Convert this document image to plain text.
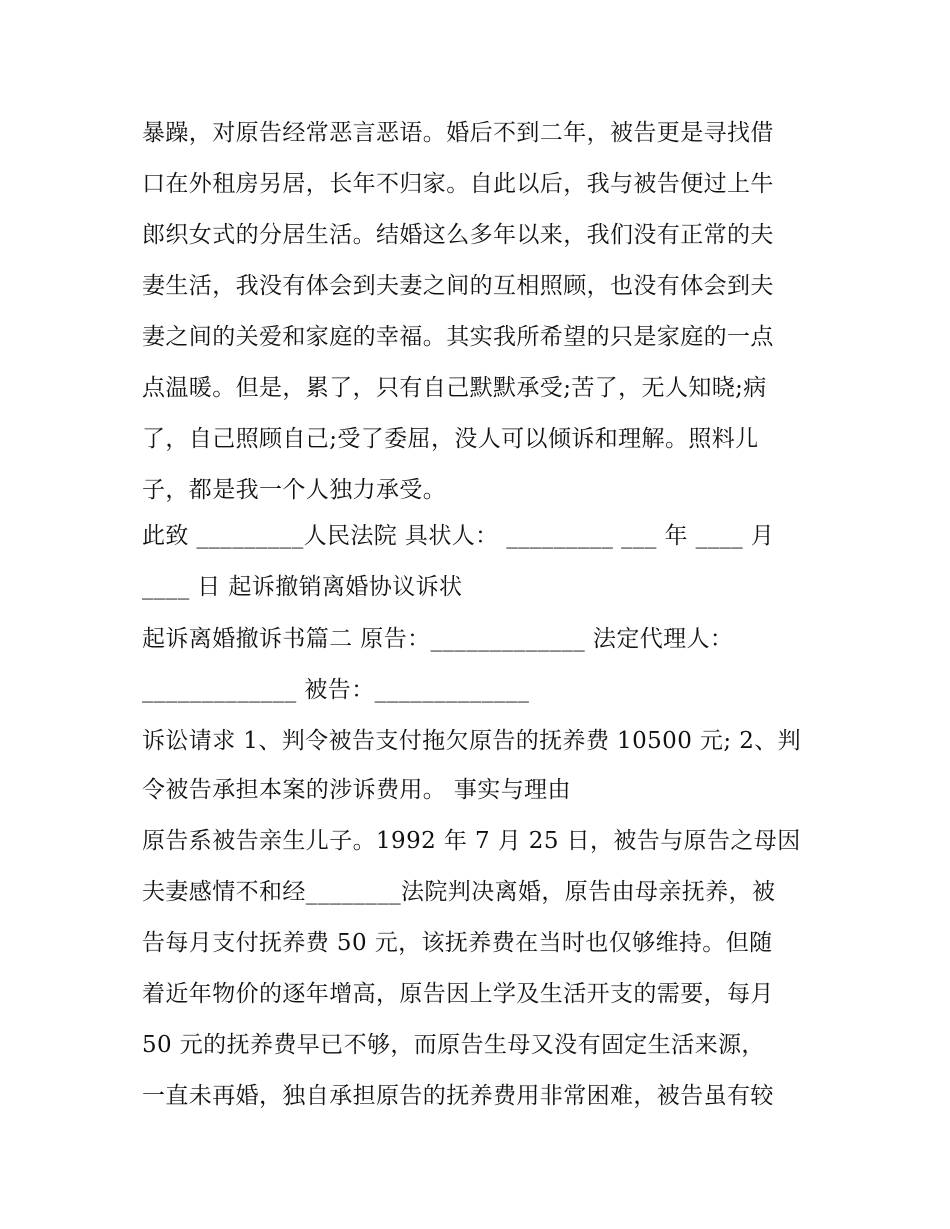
暴躁，对原告经常恶言恶语。婚后不到二年，被告更是寻找借
口在外租房另居，长年不归家。自此以后，我与被告便过上牛
郎织女式的分居生活。结婚这么多年以来，我们没有正常的夫
妻生活，我没有体会到夫妻之间的互相照顾，也没有体会到夫
妻之间的关爱和家庭的幸福。其实我所希望的只是家庭的一点
点温暖。但是，累了，只有自己默默承受;苦了，无人知晓;病
了，自己照顾自己;受了委屈，没人可以倾诉和理解。照料儿
子，都是我一个人独力承受。
此致 _________人民法院 具状人： _________ ___ 年 ____ 月
____ 日 起诉撤销离婚协议诉状
起诉离婚撤诉书篇二 原告：_____________ 法定代理人：
_____________ 被告：_____________
诉讼请求 1、判令被告支付拖欠原告的抚养费 10500 元; 2、判
令被告承担本案的涉诉费用。 事实与理由
原告系被告亲生儿子。1992 年 7 月 25 日，被告与原告之母因
夫妻感情不和经________法院判决离婚，原告由母亲抚养，被
告每月支付抚养费 50 元，该抚养费在当时也仅够维持。但随
着近年物价的逐年增高，原告因上学及生活开支的需要，每月
50 元的抚养费早已不够，而原告生母又没有固定生活来源，
一直未再婚，独自承担原告的抚养费用非常困难，被告虽有较
